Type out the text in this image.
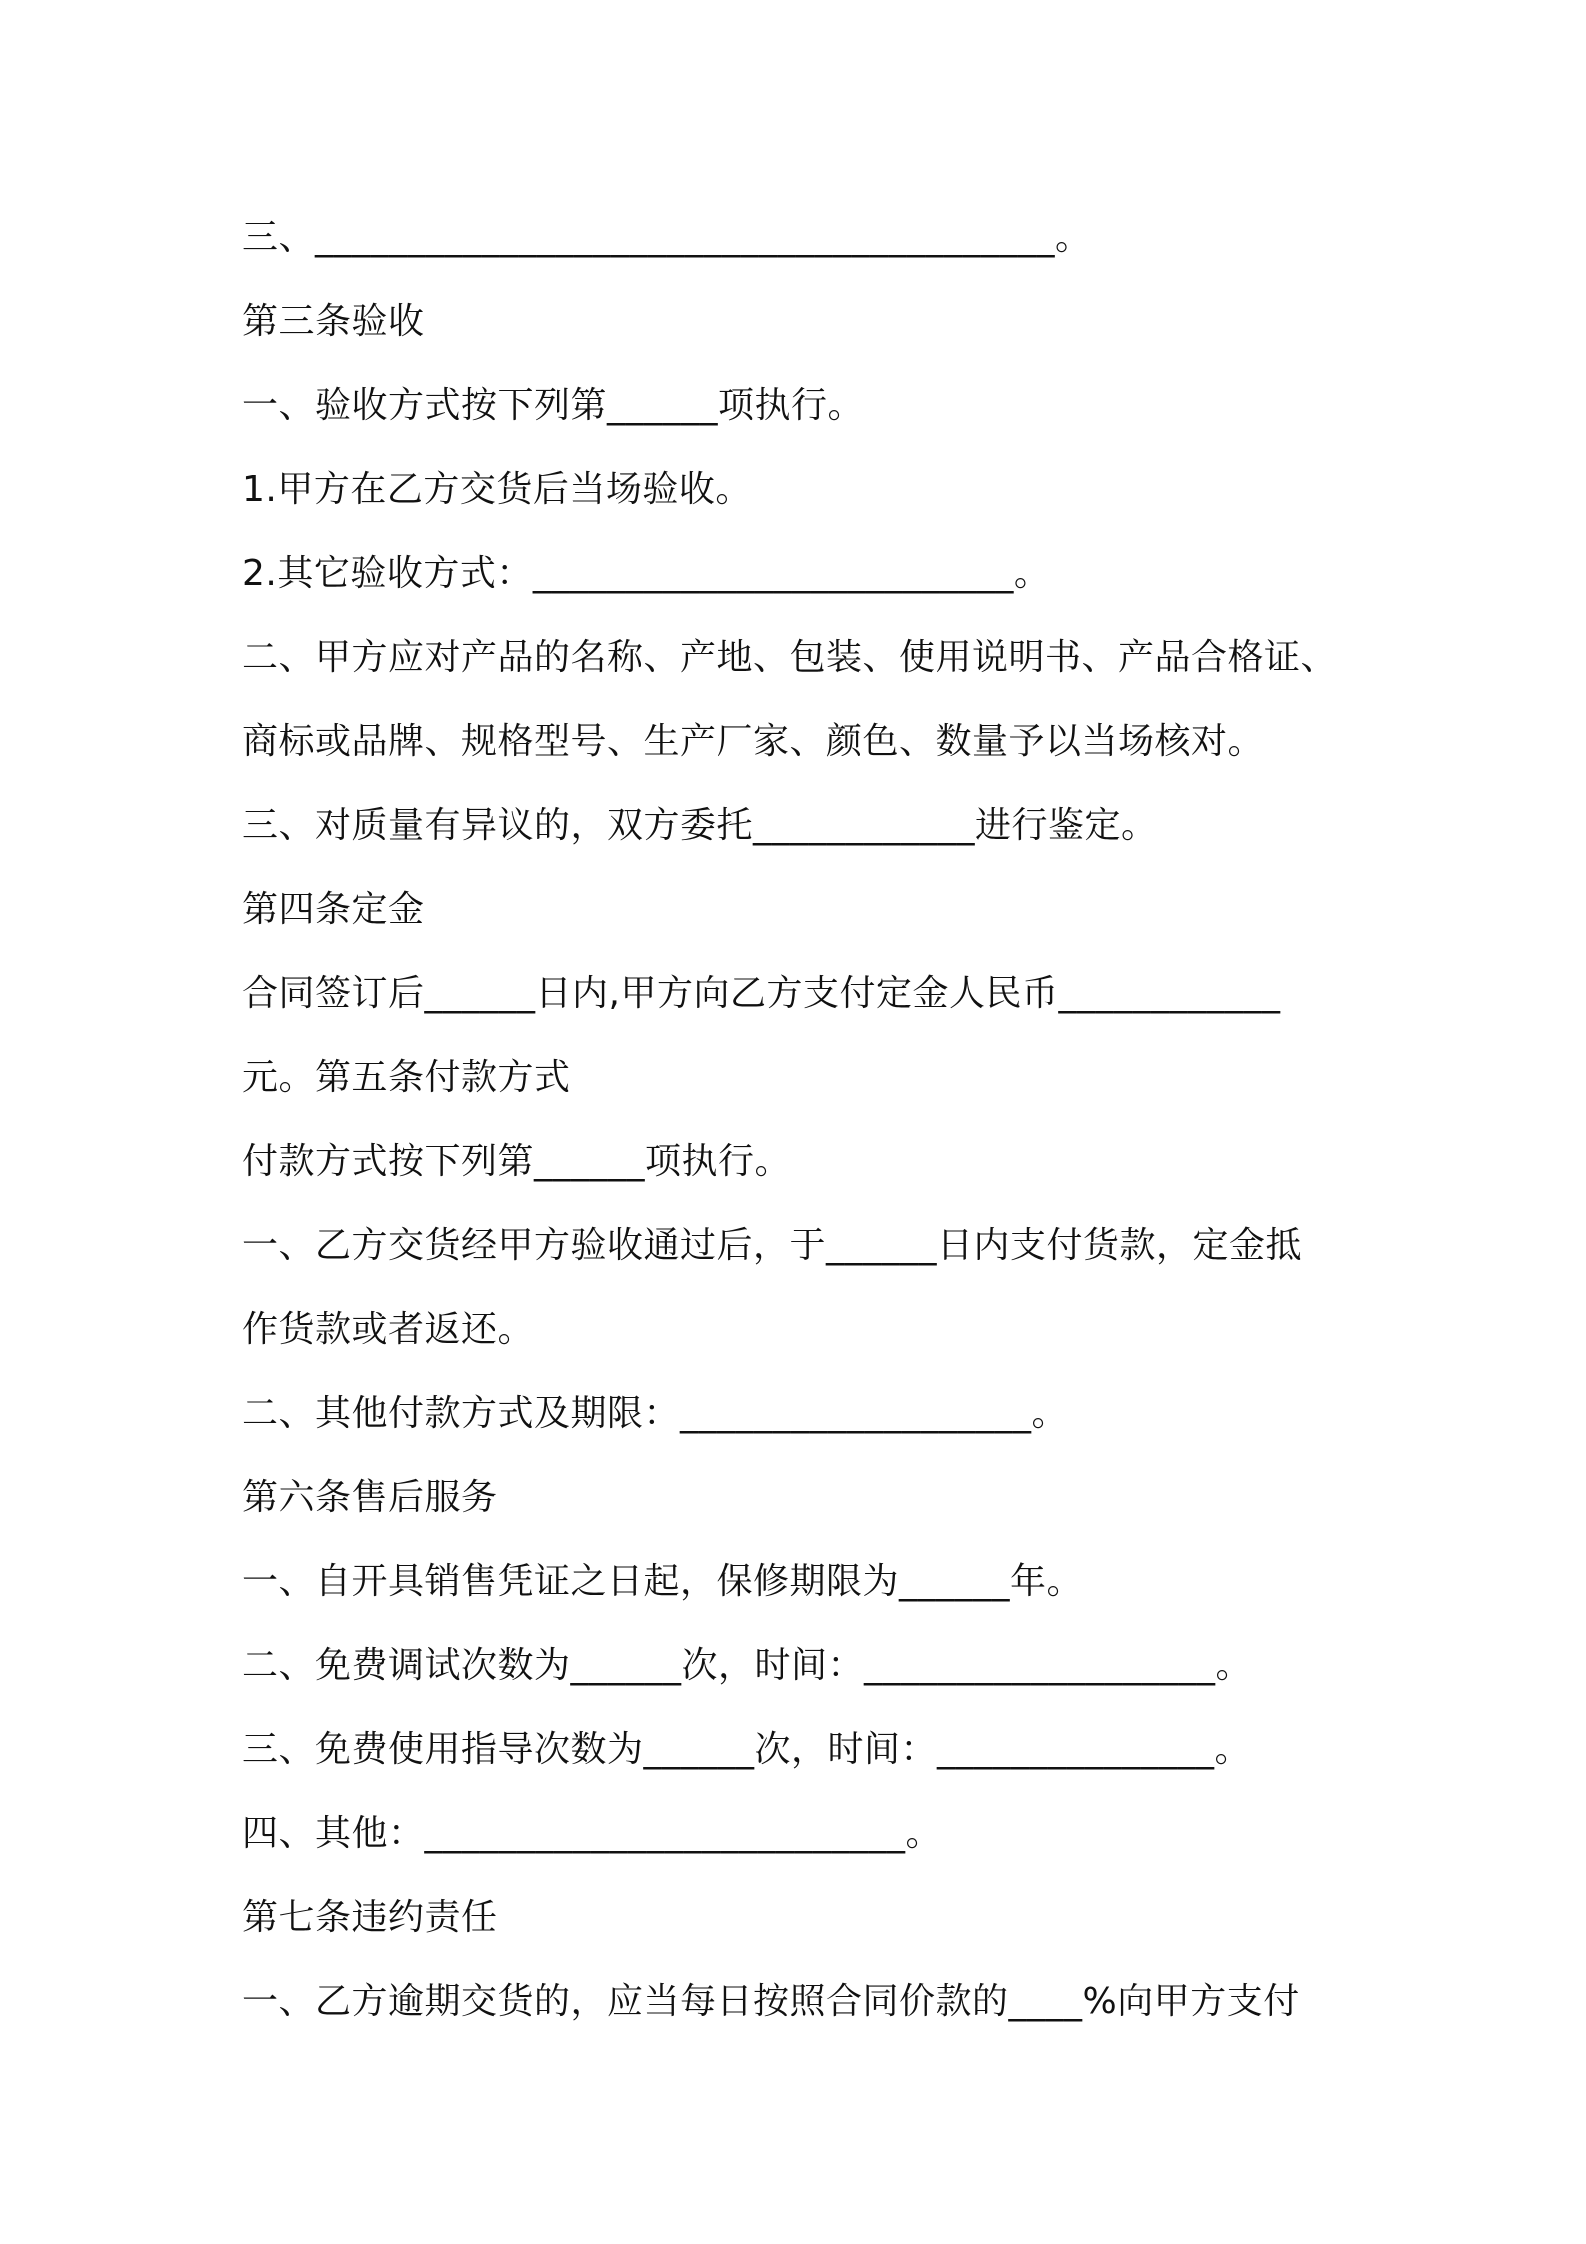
三、________________________________________。
第三条验收
一、验收方式按下列第______项执行。
1.甲方在乙方交货后当场验收。
2.其它验收方式：__________________________。
二、甲方应对产品的名称、产地、包装、使用说明书、产品合格证、
商标或品牌、规格型号、生产厂家、颜色、数量予以当场核对。
三、对质量有异议的，双方委托____________进行鉴定。
第四条定金
合同签订后______日内,甲方向乙方支付定金人民币____________
元。第五条付款方式
付款方式按下列第______项执行。
一、乙方交货经甲方验收通过后，于______日内支付货款，定金抵
作货款或者返还。
二、其他付款方式及期限：___________________。
第六条售后服务
一、自开具销售凭证之日起，保修期限为______年。
二、免费调试次数为______次，时间：___________________。
三、免费使用指导次数为______次，时间：_______________。
四、其他：__________________________。
第七条违约责任
一、乙方逾期交货的，应当每日按照合同价款的____%向甲方支付
